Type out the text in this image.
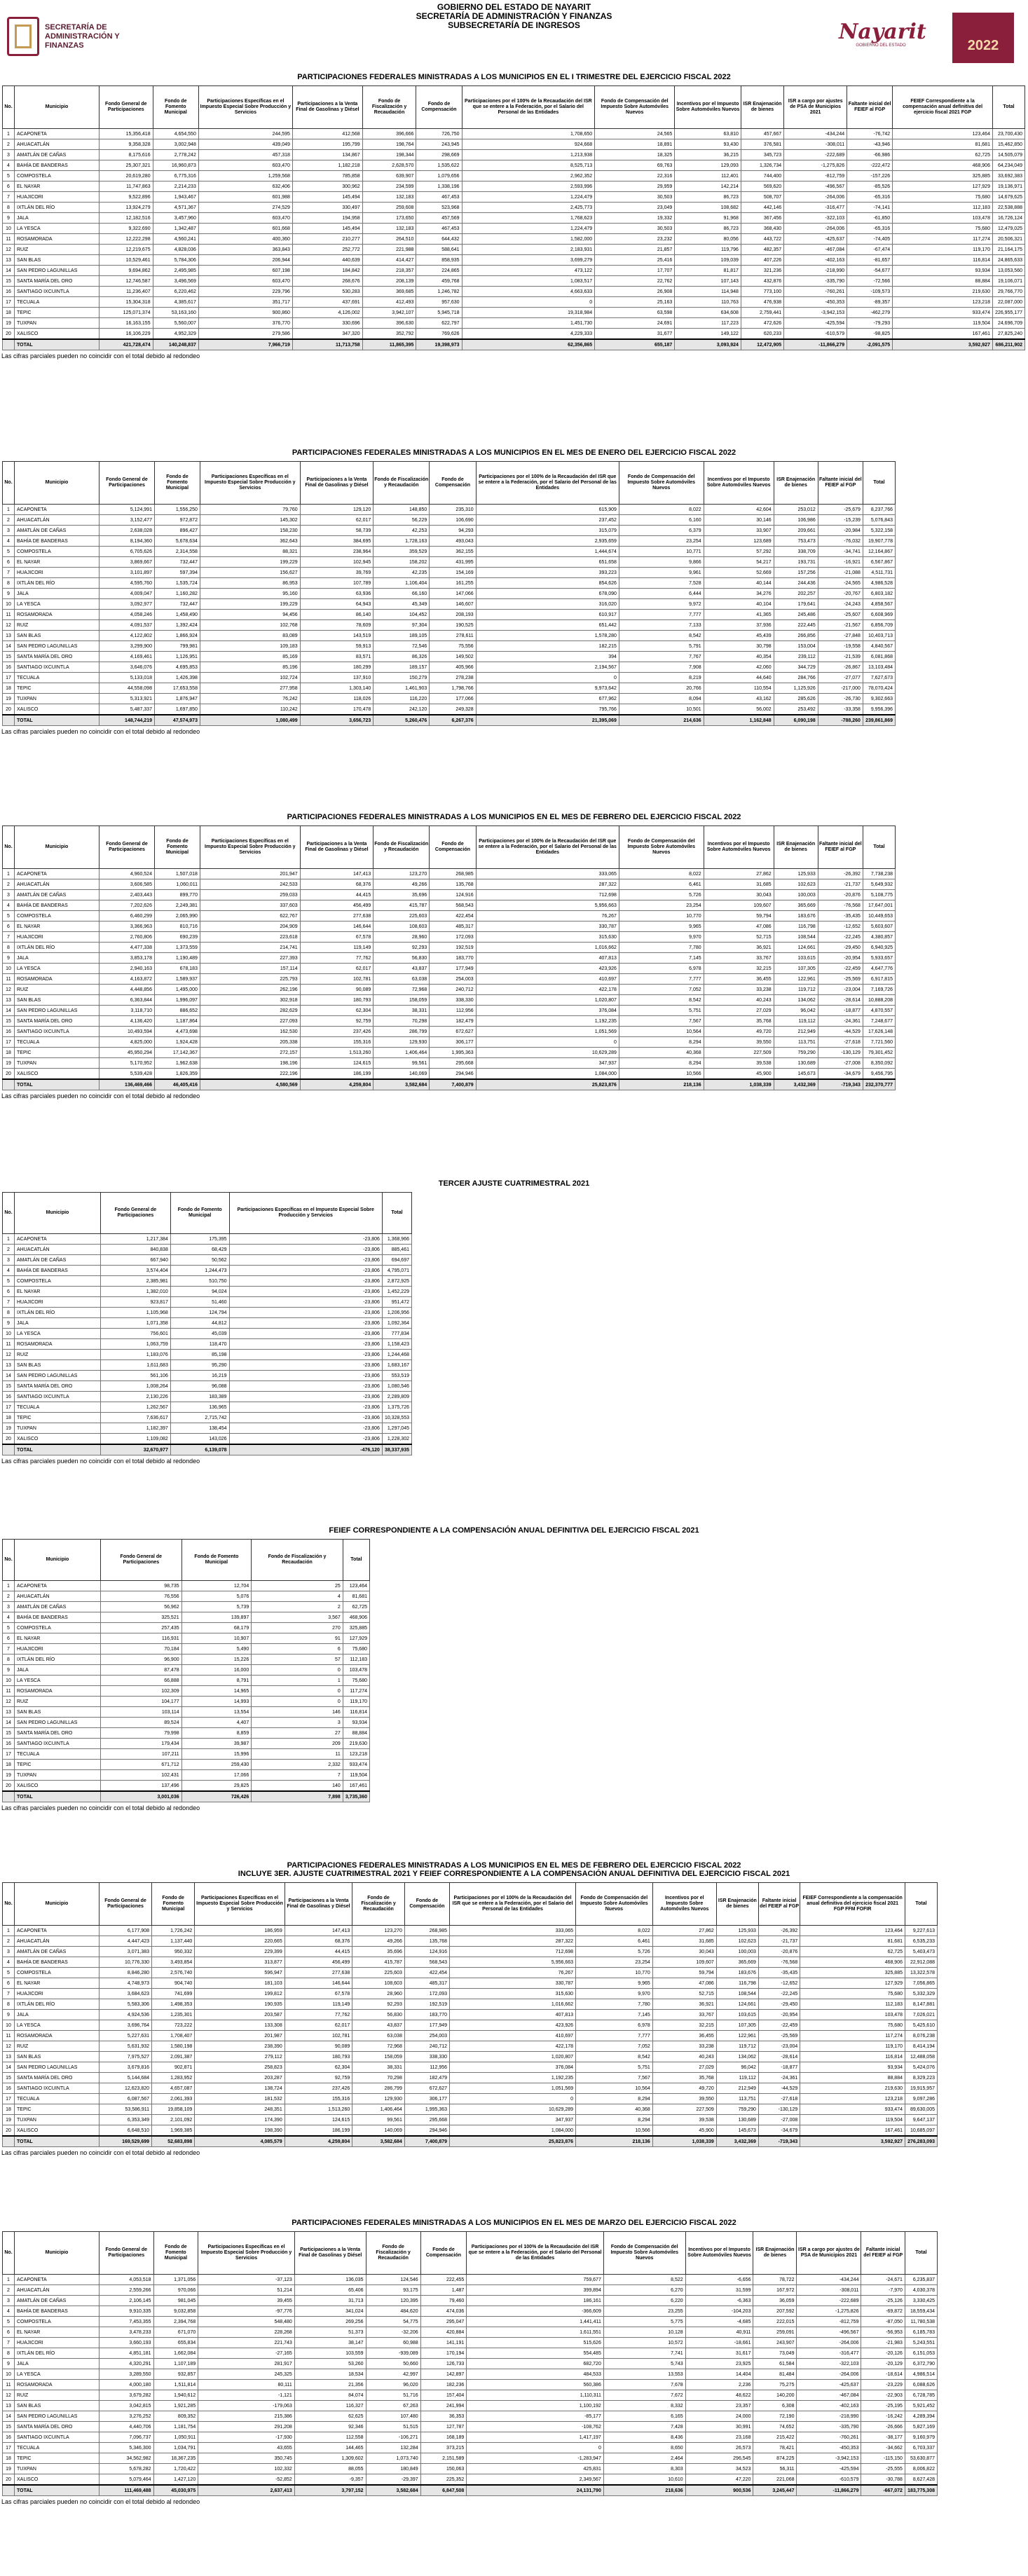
SECRETARÍA DE
ADMINISTRACIÓN Y
FINANZAS
GOBIERNO DEL ESTADO DE NAYARIT
SECRETARÍA DE ADMINISTRACIÓN Y FINANZAS
SUBSECRETARÍA DE INGRESOS	Nayarit
GOBIERNO DEL ESTADO	2022
PARTICIPACIONES FEDERALES MINISTRADAS A LOS MUNICIPIOS EN EL I TRIMESTRE DEL EJERCICIO FISCAL 2022
No.	Municipio	Fondo General de Participaciones	Fondo de Fomento Municipal	Participaciones Específicas en el Impuesto Especial Sobre Producción y Servicios	Participaciones a la Venta Final de Gasolinas y Diésel	Fondo de Fiscalización y Recaudación	Fondo de Compensación	Participaciones por el 100% de la Recaudación del ISR que se entere a la Federación, por el Salario del Personal de las Entidades	Fondo de Compensación del Impuesto Sobre Automóviles Nuevos	Incentivos por el Impuesto Sobre Automóviles Nuevos	ISR Enajenación de bienes	ISR a cargo por ajustes de PSA de Municipios 2021	Faltante inicial del FEIEF al FGP	FEIEF Correspondiente a la compensación anual definitiva del ejercicio fiscal 2021 FGP	Total
1	ACAPONETA	15,356,418	4,654,550	244,595	412,568	396,666	726,750	1,708,650	24,565	63,810	457,667	-434,244	-76,742	123,464	23,700,430
2	AHUACATLÁN	9,358,328	3,002,948	439,049	195,799	198,764	243,945	924,668	18,891	93,430	376,581	-308,011	-43,946	81,681	15,462,850
3	AMATLÁN DE CAÑAS	8,175,616	2,778,242	457,318	134,867	198,344	298,669	1,213,938	18,325	36,215	345,723	-222,689	-66,986	62,725	14,505,079
4	BAHÍA DE BANDERAS	25,307,321	16,960,873	603,470	1,182,218	2,628,570	1,535,622	8,525,713	69,763	129,093	1,326,734	-1,275,826	-222,472	468,906	64,234,049
5	COMPOSTELA	20,619,280	6,775,316	1,259,568	785,858	639,907	1,079,656	2,962,352	22,316	112,401	744,400	-812,759	-157,226	325,885	33,692,383
6	EL NAYAR	11,747,863	2,214,233	632,406	300,962	234,599	1,338,196	2,593,996	29,959	142,214	569,620	-496,567	-85,526	127,929	19,136,971
7	HUAJICORI	9,522,896	1,943,467	601,988	145,494	132,183	467,453	1,224,479	30,503	86,723	508,707	-264,006	-65,316	75,680	14,679,625
8	IXTLÁN DEL RÍO	13,924,279	4,571,367	274,529	330,497	259,608	523,968	2,425,773	23,049	108,682	442,146	-316,477	-74,141	112,183	22,538,888
9	JALA	12,182,516	3,457,960	603,470	194,958	173,650	457,569	1,768,623	19,332	91,968	367,456	-322,103	-61,850	103,478	16,726,124
10	LA YESCA	9,322,690	1,342,487	601,668	145,494	132,183	467,453	1,224,479	30,503	86,723	368,430	-264,006	-65,316	75,680	12,479,025
11	ROSAMORADA	12,222,298	4,560,241	400,360	210,277	264,510	644,432	1,582,000	23,232	80,056	443,722	-425,637	-74,405	117,274	20,506,321
12	RUIZ	12,219,675	4,828,036	363,843	252,772	221,988	588,641	2,183,931	21,857	119,796	482,357	-467,084	-67,474	119,170	21,164,175
13	SAN BLAS	10,529,461	5,784,306	206,944	440,639	414,427	858,935	3,699,279	25,416	109,039	407,226	-402,163	-81,657	116,814	24,865,633
14	SAN PEDRO LAGUNILLAS	9,694,862	2,495,985	607,198	184,842	218,357	224,865	473,122	17,707	81,817	321,236	-218,990	-54,677	93,934	13,053,560
15	SANTA MARÍA DEL ORO	12,746,587	3,496,569	603,470	268,676	208,139	459,768	1,083,517	22,762	107,143	432,876	-335,790	-72,566	88,884	19,106,071
16	SANTIAGO IXCUINTLA	11,236,407	6,220,462	229,796	530,283	369,685	1,246,782	4,663,633	26,908	114,948	773,100	-760,261	-109,573	219,630	29,766,770
17	TECUALA	15,304,318	4,385,617	351,717	437,691	412,493	957,630	0	25,163	110,763	476,938	-450,353	-89,357	123,218	22,087,000
18	TEPIC	125,071,374	53,163,160	900,860	4,126,002	3,942,107	5,945,718	19,318,984	63,598	634,608	2,759,441	-3,942,153	-462,279	933,474	226,955,177
19	TUXPAN	16,163,155	5,560,007	376,770	330,696	396,630	622,797	1,451,730	24,691	117,223	472,626	-425,594	-79,293	119,504	24,696,709
20	XALISCO	16,106,229	4,952,329	279,586	347,320	352,792	769,626	4,229,333	31,677	149,122	620,233	-610,579	-98,825	167,461	27,825,240
	TOTAL	421,728,474	140,248,837	7,966,719	11,713,758	11,865,395	19,398,973	62,356,865	655,187	3,093,924	12,472,905	-11,866,279	-2,091,575	3,592,927	686,211,902
Las cifras parciales pueden no coincidir con el total debido al redondeo
PARTICIPACIONES FEDERALES MINISTRADAS A LOS MUNICIPIOS EN EL MES DE ENERO DEL EJERCICIO FISCAL 2022
No.	Municipio	Fondo General de Participaciones	Fondo de Fomento Municipal	Participaciones Específicas en el Impuesto Especial Sobre Producción y Servicios	Participaciones a la Venta Final de Gasolinas y Diésel	Fondo de Fiscalización y Recaudación	Fondo de Compensación	Participaciones por el 100% de la Recaudación del ISR que se entere a la Federación, por el Salario del Personal de las Entidades	Fondo de Compensación del Impuesto Sobre Automóviles Nuevos	Incentivos por el Impuesto Sobre Automóviles Nuevos	ISR Enajenación de bienes	Faltante inicial del FEIEF al FGP	Total
1	ACAPONETA	5,124,991	1,556,250	79,760	129,120	148,850	235,310	615,909	8,022	42,604	253,012	-25,679	8,237,766
2	AHUACATLÁN	3,152,477	972,872	145,302	62,017	56,229	106,690	237,452	6,160	30,146	106,986	-15,239	5,076,843
3	AMATLÁN DE CAÑAS	2,638,028	896,427	158,230	58,739	42,253	94,293	315,079	6,379	33,907	209,661	-20,984	5,322,158
4	BAHÍA DE BANDERAS	8,194,360	5,678,634	362,643	384,695	1,728,163	493,043	2,935,659	23,254	123,689	753,473	-76,032	19,907,778
5	COMPOSTELA	6,705,626	2,314,558	88,321	238,964	359,529	362,155	1,444,674	10,771	57,292	338,709	-34,741	12,164,867
6	EL NAYAR	3,869,667	732,447	199,229	102,945	158,202	431,995	651,658	9,866	54,217	193,731	-16,921	6,567,867
7	HUAJICORI	3,101,897	597,394	156,627	39,769	42,235	154,169	393,223	9,961	52,669	157,256	-21,088	4,511,731
8	IXTLÁN DEL RÍO	4,595,760	1,535,724	86,953	107,789	1,106,404	161,255	854,626	7,528	40,144	244,436	-24,565	4,986,528
9	JALA	4,009,047	1,160,282	95,160	63,936	66,160	147,066	678,090	6,444	34,276	202,257	-20,767	6,803,182
10	LA YESCA	3,092,977	732,447	199,229	64,943	45,349	146,607	316,020	9,972	40,104	179,641	-24,243	4,858,567
11	ROSAMORADA	4,058,246	1,458,490	94,456	86,140	104,452	208,193	610,917	7,777	41,365	245,486	-25,607	6,608,969
12	RUIZ	4,091,537	1,392,424	102,768	78,609	97,304	190,525	651,442	7,133	37,936	222,445	-21,567	6,856,709
13	SAN BLAS	4,122,802	1,866,924	83,089	143,519	189,105	278,611	1,578,280	8,542	45,439	266,856	-27,848	10,403,713
14	SAN PEDRO LAGUNILLAS	3,299,900	799,981	109,183	59,913	72,546	75,556	182,215	5,791	30,798	153,004	-19,558	4,840,567
15	SANTA MARÍA DEL ORO	4,169,461	1,126,951	85,169	83,571	86,326	149,502	394	7,767	40,354	239,112	-21,539	6,081,868
16	SANTIAGO IXCUINTLA	3,646,076	4,695,853	85,196	180,299	189,157	405,966	2,194,567	7,908	42,060	344,729	-26,867	13,103,484
17	TECUALA	5,133,018	1,426,398	102,724	137,910	150,279	278,238	0	8,219	44,640	284,766	-27,077	7,627,673
18	TEPIC	44,558,098	17,653,558	277,958	1,303,140	1,461,903	1,798,766	9,973,642	20,766	110,554	1,125,926	-217,000	78,070,424
19	TUXPAN	5,313,921	1,876,947	76,242	118,026	116,220	177,066	677,962	8,094	43,162	285,626	-26,730	9,302,663
20	XALISCO	5,487,337	1,697,850	110,242	170,478	242,120	249,328	795,766	10,501	56,002	253,492	-33,358	9,956,396
	TOTAL	148,744,219	47,574,973	1,080,499	3,656,723	5,260,476	6,267,376	21,395,069	214,636	1,162,848	6,090,198	-788,260	239,861,869
Las cifras parciales pueden no coincidir con el total debido al redondeo
PARTICIPACIONES FEDERALES MINISTRADAS A LOS MUNICIPIOS EN EL MES DE FEBRERO DEL EJERCICIO FISCAL 2022
No.	Municipio	Fondo General de Participaciones	Fondo de Fomento Municipal	Participaciones Específicas en el Impuesto Especial Sobre Producción y Servicios	Participaciones a la Venta Final de Gasolinas y Diésel	Fondo de Fiscalización y Recaudación	Fondo de Compensación	Participaciones por el 100% de la Recaudación del ISR que se entere a la Federación, por el Salario del Personal de las Entidades	Fondo de Compensación del Impuesto Sobre Automóviles Nuevos	Incentivos por el Impuesto Sobre Automóviles Nuevos	ISR Enajenación de bienes	Faltante inicial del FEIEF al FGP	Total
1	ACAPONETA	4,960,524	1,507,018	201,947	147,413	123,270	268,985	333,065	8,022	27,862	125,933	-26,392	7,738,238
2	AHUACATLÁN	3,606,585	1,060,011	242,533	68,376	49,266	135,768	287,322	6,461	31,685	102,623	-21,737	5,649,932
3	AMATLÁN DE CAÑAS	2,403,443	899,770	259,033	44,415	35,696	124,916	712,698	5,726	30,043	100,003	-20,876	5,108,775
4	BAHÍA DE BANDERAS	7,202,626	2,249,381	337,603	456,499	415,787	568,543	5,956,663	23,254	109,607	365,669	-76,568	17,647,001
5	COMPOSTELA	6,460,299	2,065,990	622,767	277,638	225,603	422,454	76,267	10,770	59,794	183,676	-35,435	10,449,653
6	EL NAYAR	3,366,963	810,716	204,909	146,644	108,603	485,317	330,787	9,965	47,086	116,798	-12,652	5,603,607
7	HUAJICORI	2,760,806	690,239	223,618	67,578	28,960	172,093	315,630	9,970	52,715	108,544	-22,245	4,380,857
8	IXTLÁN DEL RÍO	4,477,338	1,373,559	214,741	119,149	92,293	192,519	1,016,662	7,780	36,921	124,661	-29,450	6,940,925
9	JALA	3,853,178	1,190,489	227,393	77,762	56,830	183,770	407,813	7,145	33,767	103,615	-20,954	5,933,657
10	LA YESCA	2,940,163	678,183	157,114	62,017	43,837	177,949	423,926	6,978	32,215	107,305	-22,459	4,647,776
11	ROSAMORADA	4,163,872	1,589,937	225,793	102,781	63,038	254,003	410,697	7,777	36,455	122,961	-25,569	6,917,815
12	RUIZ	4,448,856	1,495,000	262,196	90,089	72,968	240,712	422,178	7,052	33,238	119,712	-23,004	7,169,726
13	SAN BLAS	6,363,844	1,996,097	302,918	180,793	158,059	338,330	1,020,807	8,542	40,243	134,062	-28,614	10,888,208
14	SAN PEDRO LAGUNILLAS	3,118,710	886,652	282,629	62,304	38,331	112,956	376,084	5,751	27,029	96,042	-18,877	4,870,557
15	SANTA MARÍA DEL ORO	4,136,420	1,187,864	227,093	92,759	70,298	182,479	1,192,235	7,567	35,768	119,112	-24,361	7,248,677
16	SANTIAGO IXCUINTLA	10,493,594	4,473,698	162,530	237,426	286,799	672,627	1,051,569	10,564	49,720	212,949	-44,529	17,626,148
17	TECUALA	4,825,000	1,924,428	205,338	155,316	129,930	306,177	0	8,294	39,550	113,751	-27,618	7,721,560
18	TEPIC	45,950,294	17,142,367	272,157	1,513,260	1,406,464	1,995,363	10,629,289	40,368	227,509	759,290	-130,129	79,301,452
19	TUXPAN	5,170,952	1,962,638	198,196	124,615	99,561	295,668	347,937	8,294	39,538	130,689	-27,008	8,350,092
20	XALISCO	5,539,428	1,826,359	222,196	186,199	140,069	294,946	1,084,000	10,566	45,900	145,673	-34,679	9,456,795
	TOTAL	136,469,466	46,405,416	4,580,569	4,259,804	3,582,684	7,400,879	25,823,876	218,136	1,038,339	3,432,369	-719,343	232,370,777
Las cifras parciales pueden no coincidir con el total debido al redondeo
TERCER AJUSTE CUATRIMESTRAL 2021
No.	Municipio	Fondo General de Participaciones	Fondo de Fomento Municipal	Participaciones Específicas en el Impuesto Especial Sobre Producción y Servicios	Total
1	ACAPONETA	1,217,384	175,395	-23,806	1,368,966
2	AHUACATLÁN	840,838	68,429	-23,806	885,461
3	AMATLÁN DE CAÑAS	667,940	50,562	-23,806	694,697
4	BAHÍA DE BANDERAS	3,574,404	1,244,473	-23,806	4,795,071
5	COMPOSTELA	2,385,981	510,750	-23,806	2,872,925
6	EL NAYAR	1,382,010	94,024	-23,806	1,452,229
7	HUAJICORI	923,817	51,460	-23,806	951,472
8	IXTLÁN DEL RÍO	1,105,968	124,794	-23,806	1,206,956
9	JALA	1,071,358	44,812	-23,806	1,092,364
10	LA YESCA	756,601	45,039	-23,806	777,834
11	ROSAMORADA	1,063,759	118,470	-23,806	1,158,423
12	RUIZ	1,183,076	85,198	-23,806	1,244,468
13	SAN BLAS	1,611,683	95,290	-23,806	1,683,167
14	SAN PEDRO LAGUNILLAS	561,106	16,219	-23,806	553,519
15	SANTA MARÍA DEL ORO	1,008,264	96,088	-23,806	1,080,546
16	SANTIAGO IXCUINTLA	2,130,226	183,389	-23,806	2,289,809
17	TECUALA	1,262,567	136,965	-23,806	1,375,726
18	TEPIC	7,636,617	2,715,742	-23,806	10,328,553
19	TUXPAN	1,182,397	138,454	-23,806	1,297,045
20	XALISCO	1,109,082	143,026	-23,806	1,228,302
	TOTAL	32,670,977	6,139,078	-476,120	38,337,935
Las cifras parciales pueden no coincidir con el total debido al redondeo
FEIEF CORRESPONDIENTE A LA COMPENSACIÓN ANUAL DEFINITIVA DEL EJERCICIO FISCAL 2021
No.	Municipio	Fondo General de Participaciones	Fondo de Fomento Municipal	Fondo de Fiscalización y Recaudación	Total
1	ACAPONETA	98,735	12,704	25	123,464
2	AHUACATLÁN	76,556	5,076	4	81,681
3	AMATLÁN DE CAÑAS	56,962	5,739	2	62,725
4	BAHÍA DE BANDERAS	325,521	139,897	3,567	468,906
5	COMPOSTELA	257,435	68,179	270	325,885
6	EL NAYAR	116,931	10,907	91	127,929
7	HUAJICORI	70,184	5,490	6	75,680
8	IXTLÁN DEL RÍO	96,900	15,226	57	112,183
9	JALA	87,478	16,000	0	103,478
10	LA YESCA	66,888	8,791	1	75,680
11	ROSAMORADA	102,309	14,965	0	117,274
12	RUIZ	104,177	14,993	0	119,170
13	SAN BLAS	103,114	13,554	146	116,814
14	SAN PEDRO LAGUNILLAS	89,524	4,407	3	93,934
15	SANTA MARÍA DEL ORO	79,998	8,859	27	88,884
16	SANTIAGO IXCUINTLA	179,434	39,987	209	219,630
17	TECUALA	107,211	15,996	11	123,218
18	TEPIC	671,712	259,430	2,332	933,474
19	TUXPAN	102,431	17,066	7	119,504
20	XALISCO	137,496	29,825	140	167,461
	TOTAL	3,001,036	726,426	7,898	3,735,360
Las cifras parciales pueden no coincidir con el total debido al redondeo
PARTICIPACIONES FEDERALES MINISTRADAS A LOS MUNICIPIOS EN EL MES DE FEBRERO DEL EJERCICIO FISCAL 2022
INCLUYE 3ER. AJUSTE CUATRIMESTRAL 2021 Y FEIEF CORRESPONDIENTE A LA COMPENSACIÓN ANUAL DEFINITIVA DEL EJERCICIO FISCAL 2021
No.	Municipio	Fondo General de Participaciones	Fondo de Fomento Municipal	Participaciones Específicas en el Impuesto Especial Sobre Producción y Servicios	Participaciones a la Venta Final de Gasolinas y Diésel	Fondo de Fiscalización y Recaudación	Fondo de Compensación	Participaciones por el 100% de la Recaudación del ISR que se entere a la Federación, por el Salario del Personal de las Entidades	Fondo de Compensación del Impuesto Sobre Automóviles Nuevos	Incentivos por el Impuesto Sobre Automóviles Nuevos	ISR Enajenación de bienes	Faltante inicial del FEIEF al FGP	FEIEF Correspondiente a la compensación anual definitiva del ejercicio fiscal 2021 FGP FFM FOFIR	Total
1	ACAPONETA	6,177,908	1,726,242	186,959	147,413	123,270	268,985	333,065	8,022	27,862	125,933	-26,392	123,464	9,227,613
2	AHUACATLÁN	4,447,423	1,137,440	220,665	68,376	49,266	135,768	287,322	6,461	31,685	102,623	-21,737	81,681	6,535,233
3	AMATLÁN DE CAÑAS	3,071,383	950,332	229,399	44,415	35,696	124,916	712,698	5,726	30,043	100,003	-20,876	62,725	5,403,473
4	BAHÍA DE BANDERAS	10,776,330	3,493,854	313,877	456,499	415,787	568,543	5,956,663	23,254	109,607	365,669	-76,568	468,906	22,912,088
5	COMPOSTELA	8,846,280	2,576,740	596,947	277,638	225,603	422,454	76,267	10,770	59,794	183,676	-35,435	325,885	13,322,578
6	EL NAYAR	4,748,973	904,740	181,103	146,644	108,603	485,317	330,787	9,965	47,086	116,798	-12,652	127,929	7,056,865
7	HUAJICORI	3,684,623	741,699	199,812	67,578	28,960	172,093	315,630	9,970	52,715	108,544	-22,245	75,680	5,332,329
8	IXTLÁN DEL RÍO	5,583,306	1,498,353	190,935	119,149	92,293	192,519	1,016,662	7,780	36,921	124,661	-29,450	112,183	8,147,881
9	JALA	4,924,536	1,235,301	203,587	77,762	56,830	183,770	407,813	7,145	33,767	103,615	-20,954	103,478	7,026,021
10	LA YESCA	3,696,764	723,222	133,308	62,017	43,837	177,949	423,926	6,978	32,215	107,305	-22,459	75,680	5,425,610
11	ROSAMORADA	5,227,631	1,708,407	201,987	102,781	63,038	254,003	410,697	7,777	36,455	122,961	-25,569	117,274	8,076,238
12	RUIZ	5,631,932	1,580,198	238,390	90,089	72,968	240,712	422,178	7,052	33,238	119,712	-23,004	119,170	8,414,194
13	SAN BLAS	7,975,527	2,091,387	279,112	180,793	158,059	338,330	1,020,807	8,542	40,243	134,062	-28,614	116,814	12,488,058
14	SAN PEDRO LAGUNILLAS	3,679,816	902,871	258,823	62,304	38,331	112,956	376,084	5,751	27,029	96,042	-18,877	93,934	5,424,076
15	SANTA MARÍA DEL ORO	5,144,684	1,283,952	203,287	92,759	70,298	182,479	1,192,235	7,567	35,768	119,112	-24,361	88,884	8,329,223
16	SANTIAGO IXCUINTLA	12,623,820	4,657,087	138,724	237,426	286,799	672,627	1,051,569	10,564	49,720	212,949	-44,529	219,630	19,915,957
17	TECUALA	6,087,567	2,061,393	181,532	155,316	129,930	306,177	0	8,294	39,550	113,751	-27,618	123,218	9,097,286
18	TEPIC	53,586,911	19,858,109	248,351	1,513,260	1,406,464	1,995,363	10,629,289	40,368	227,509	759,290	-130,129	933,474	89,630,005
19	TUXPAN	6,353,349	2,101,092	174,390	124,615	99,561	295,668	347,937	8,294	39,538	130,689	-27,008	119,504	9,647,137
20	XALISCO	6,648,510	1,969,385	198,390	186,199	140,069	294,946	1,084,000	10,566	45,900	145,673	-34,679	167,461	10,685,097
	TOTAL	169,529,699	52,683,898	4,085,579	4,259,804	3,582,684	7,400,879	25,823,876	218,136	1,038,339	3,432,369	-719,343	3,592,927	276,283,093
Las cifras parciales pueden no coincidir con el total debido al redondeo
PARTICIPACIONES FEDERALES MINISTRADAS A LOS MUNICIPIOS EN EL MES DE MARZO DEL EJERCICIO FISCAL 2022
No.	Municipio	Fondo General de Participaciones	Fondo de Fomento Municipal	Participaciones Específicas en el Impuesto Especial Sobre Producción y Servicios	Participaciones a la Venta Final de Gasolinas y Diésel	Fondo de Fiscalización y Recaudación	Fondo de Compensación	Participaciones por el 100% de la Recaudación del ISR que se entere a la Federación, por el Salario del Personal de las Entidades	Fondo de Compensación del Impuesto Sobre Automóviles Nuevos	Incentivos por el Impuesto Sobre Automóviles Nuevos	ISR Enajenación de bienes	ISR a cargo por ajustes de PSA de Municipios 2021	Faltante inicial del FEIEF al FGP	Total
1	ACAPONETA	4,053,518	1,371,056	-37,123	136,035	124,546	222,455	759,677	8,522	-6,656	78,722	-434,244	-24,671	6,235,837
2	AHUACATLÁN	2,559,266	970,066	51,214	65,406	93,175	1,487	399,894	6,270	31,599	167,972	-308,011	-7,970	4,030,378
3	AMATLÁN DE CAÑAS	2,106,145	981,045	39,455	31,713	120,395	79,460	186,161	6,220	-6,363	36,059	-222,689	-25,126	3,330,425
4	BAHÍA DE BANDERAS	9,910,335	9,032,858	-97,776	341,024	484,620	474,036	-366,609	23,255	-104,203	207,592	-1,275,826	-69,872	18,559,434
5	COMPOSTELA	7,453,355	2,394,768	548,480	269,256	54,775	295,047	1,441,411	5,775	-4,685	222,015	-812,759	-87,050	11,780,538
6	EL NAYAR	3,478,233	671,070	228,268	51,373	-32,206	420,884	1,611,551	10,128	40,911	259,091	-496,567	-56,953	6,185,783
7	HUAJICORI	3,660,193	655,834	221,743	38,147	60,988	141,191	515,626	10,572	-18,661	243,907	-264,006	-21,983	5,243,551
8	IXTLÁN DEL RÍO	4,851,181	1,662,084	-27,165	103,559	-939,089	170,194	554,485	7,741	31,617	73,049	-316,477	-20,126	6,151,053
9	JALA	4,320,291	1,107,189	281,917	53,260	50,660	126,733	682,720	5,743	23,925	61,584	-322,103	-20,129	6,372,790
10	LA YESCA	3,289,550	932,857	245,325	18,534	42,997	142,897	484,533	13,553	14,404	81,484	-264,006	-18,614	4,986,514
11	ROSAMORADA	4,000,180	1,511,814	80,111	21,356	96,020	182,236	560,386	7,678	2,236	75,275	-425,637	-23,229	6,088,626
12	RUIZ	3,679,282	1,940,612	-1,121	84,074	51,716	157,404	1,110,311	7,672	48,622	140,200	-467,084	-22,903	6,728,785
13	SAN BLAS	3,042,815	1,921,285	-179,063	116,327	67,263	241,994	1,100,192	8,332	23,357	6,308	-402,163	-25,195	5,921,452
14	SAN PEDRO LAGUNILLAS	3,276,252	809,352	215,386	62,625	107,480	36,353	-85,177	6,165	24,000	72,190	-218,990	-16,242	4,289,394
15	SANTA MARÍA DEL ORO	4,440,706	1,181,754	291,208	92,346	51,515	127,787	-108,762	7,428	30,991	74,652	-335,790	-26,666	5,827,169
16	SANTIAGO IXCUINTLA	7,096,737	1,050,911	-17,930	112,558	-106,271	168,189	1,417,197	8,436	23,168	215,422	-760,261	-38,177	9,160,979
17	TECUALA	5,346,300	1,034,791	43,655	144,465	132,284	373,215	0	8,650	26,573	78,421	-450,353	-34,662	6,703,337
18	TEPIC	34,562,982	18,367,235	350,745	1,309,602	1,073,740	2,151,589	-1,283,947	2,464	296,545	874,225	-3,942,153	-115,150	53,630,877
19	TUXPAN	5,678,282	1,720,422	102,332	88,055	180,849	150,063	425,831	8,303	34,523	56,311	-425,594	-25,555	8,006,822
20	XALISCO	5,079,464	1,427,120	-52,852	-9,357	-29,397	225,352	2,349,567	10,610	47,220	221,068	-610,579	-30,788	8,627,428
	TOTAL	111,469,488	45,030,975	2,637,413	3,797,152	3,582,684	6,847,508	24,131,790	218,636	900,536	3,245,447	-11,866,279	-667,072	183,775,308
Las cifras parciales pueden no coincidir con el total debido al redondeo
